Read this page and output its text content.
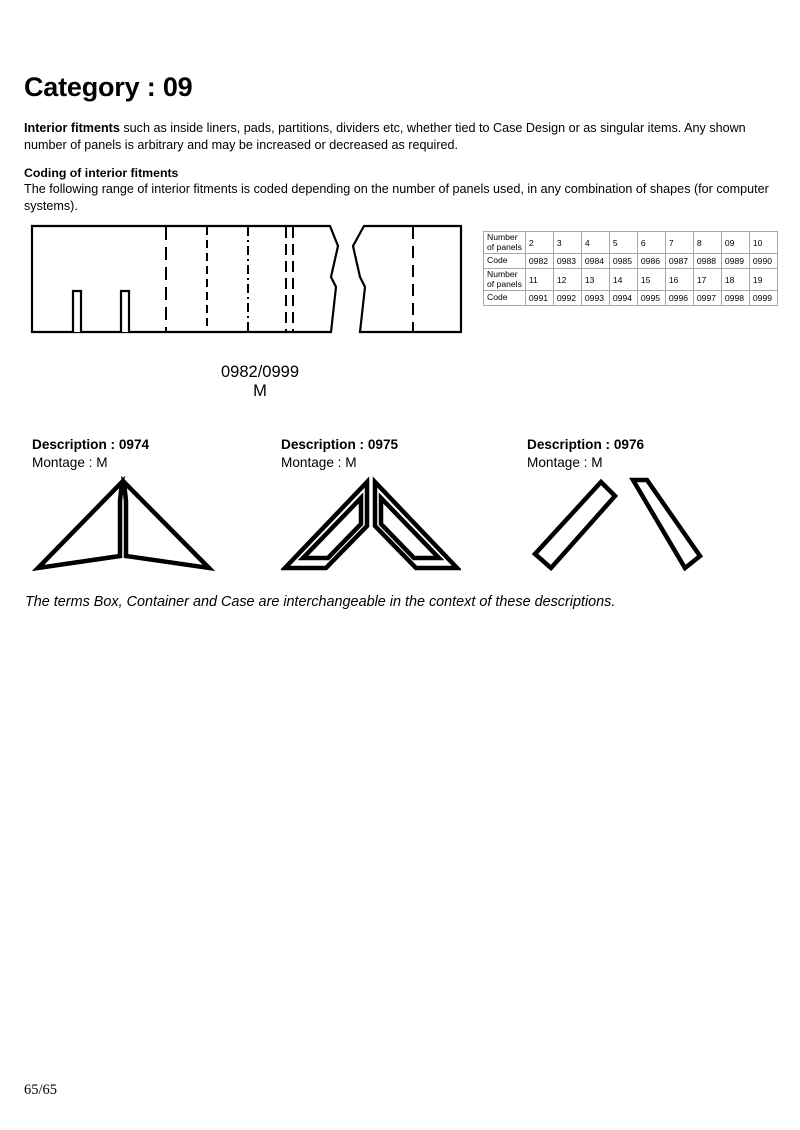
Category : 09
Interior fitments such as inside liners, pads, partitions, dividers etc, whether tied to Case Design or as singular items. Any shown number of panels is arbitrary and may be increased or decreased as required.
Coding of interior fitments
The following range of interior fitments is coded depending on the number of panels used, in any combination of shapes (for computer systems).
0982/0999
M
Number
of panels	2	3	4	5	6	7	8	09	10
Code	0982	0983	0984	0985	0986	0987	0988	0989	0990
Number
of panels	11	12	13	14	15	16	17	18	19
Code	0991	0992	0993	0994	0995	0996	0997	0998	0999
Description : 0974
Montage : M
Description : 0975
Montage : M
Description : 0976
Montage : M
The terms Box, Container and Case are interchangeable in the context of these descriptions.
65/65
